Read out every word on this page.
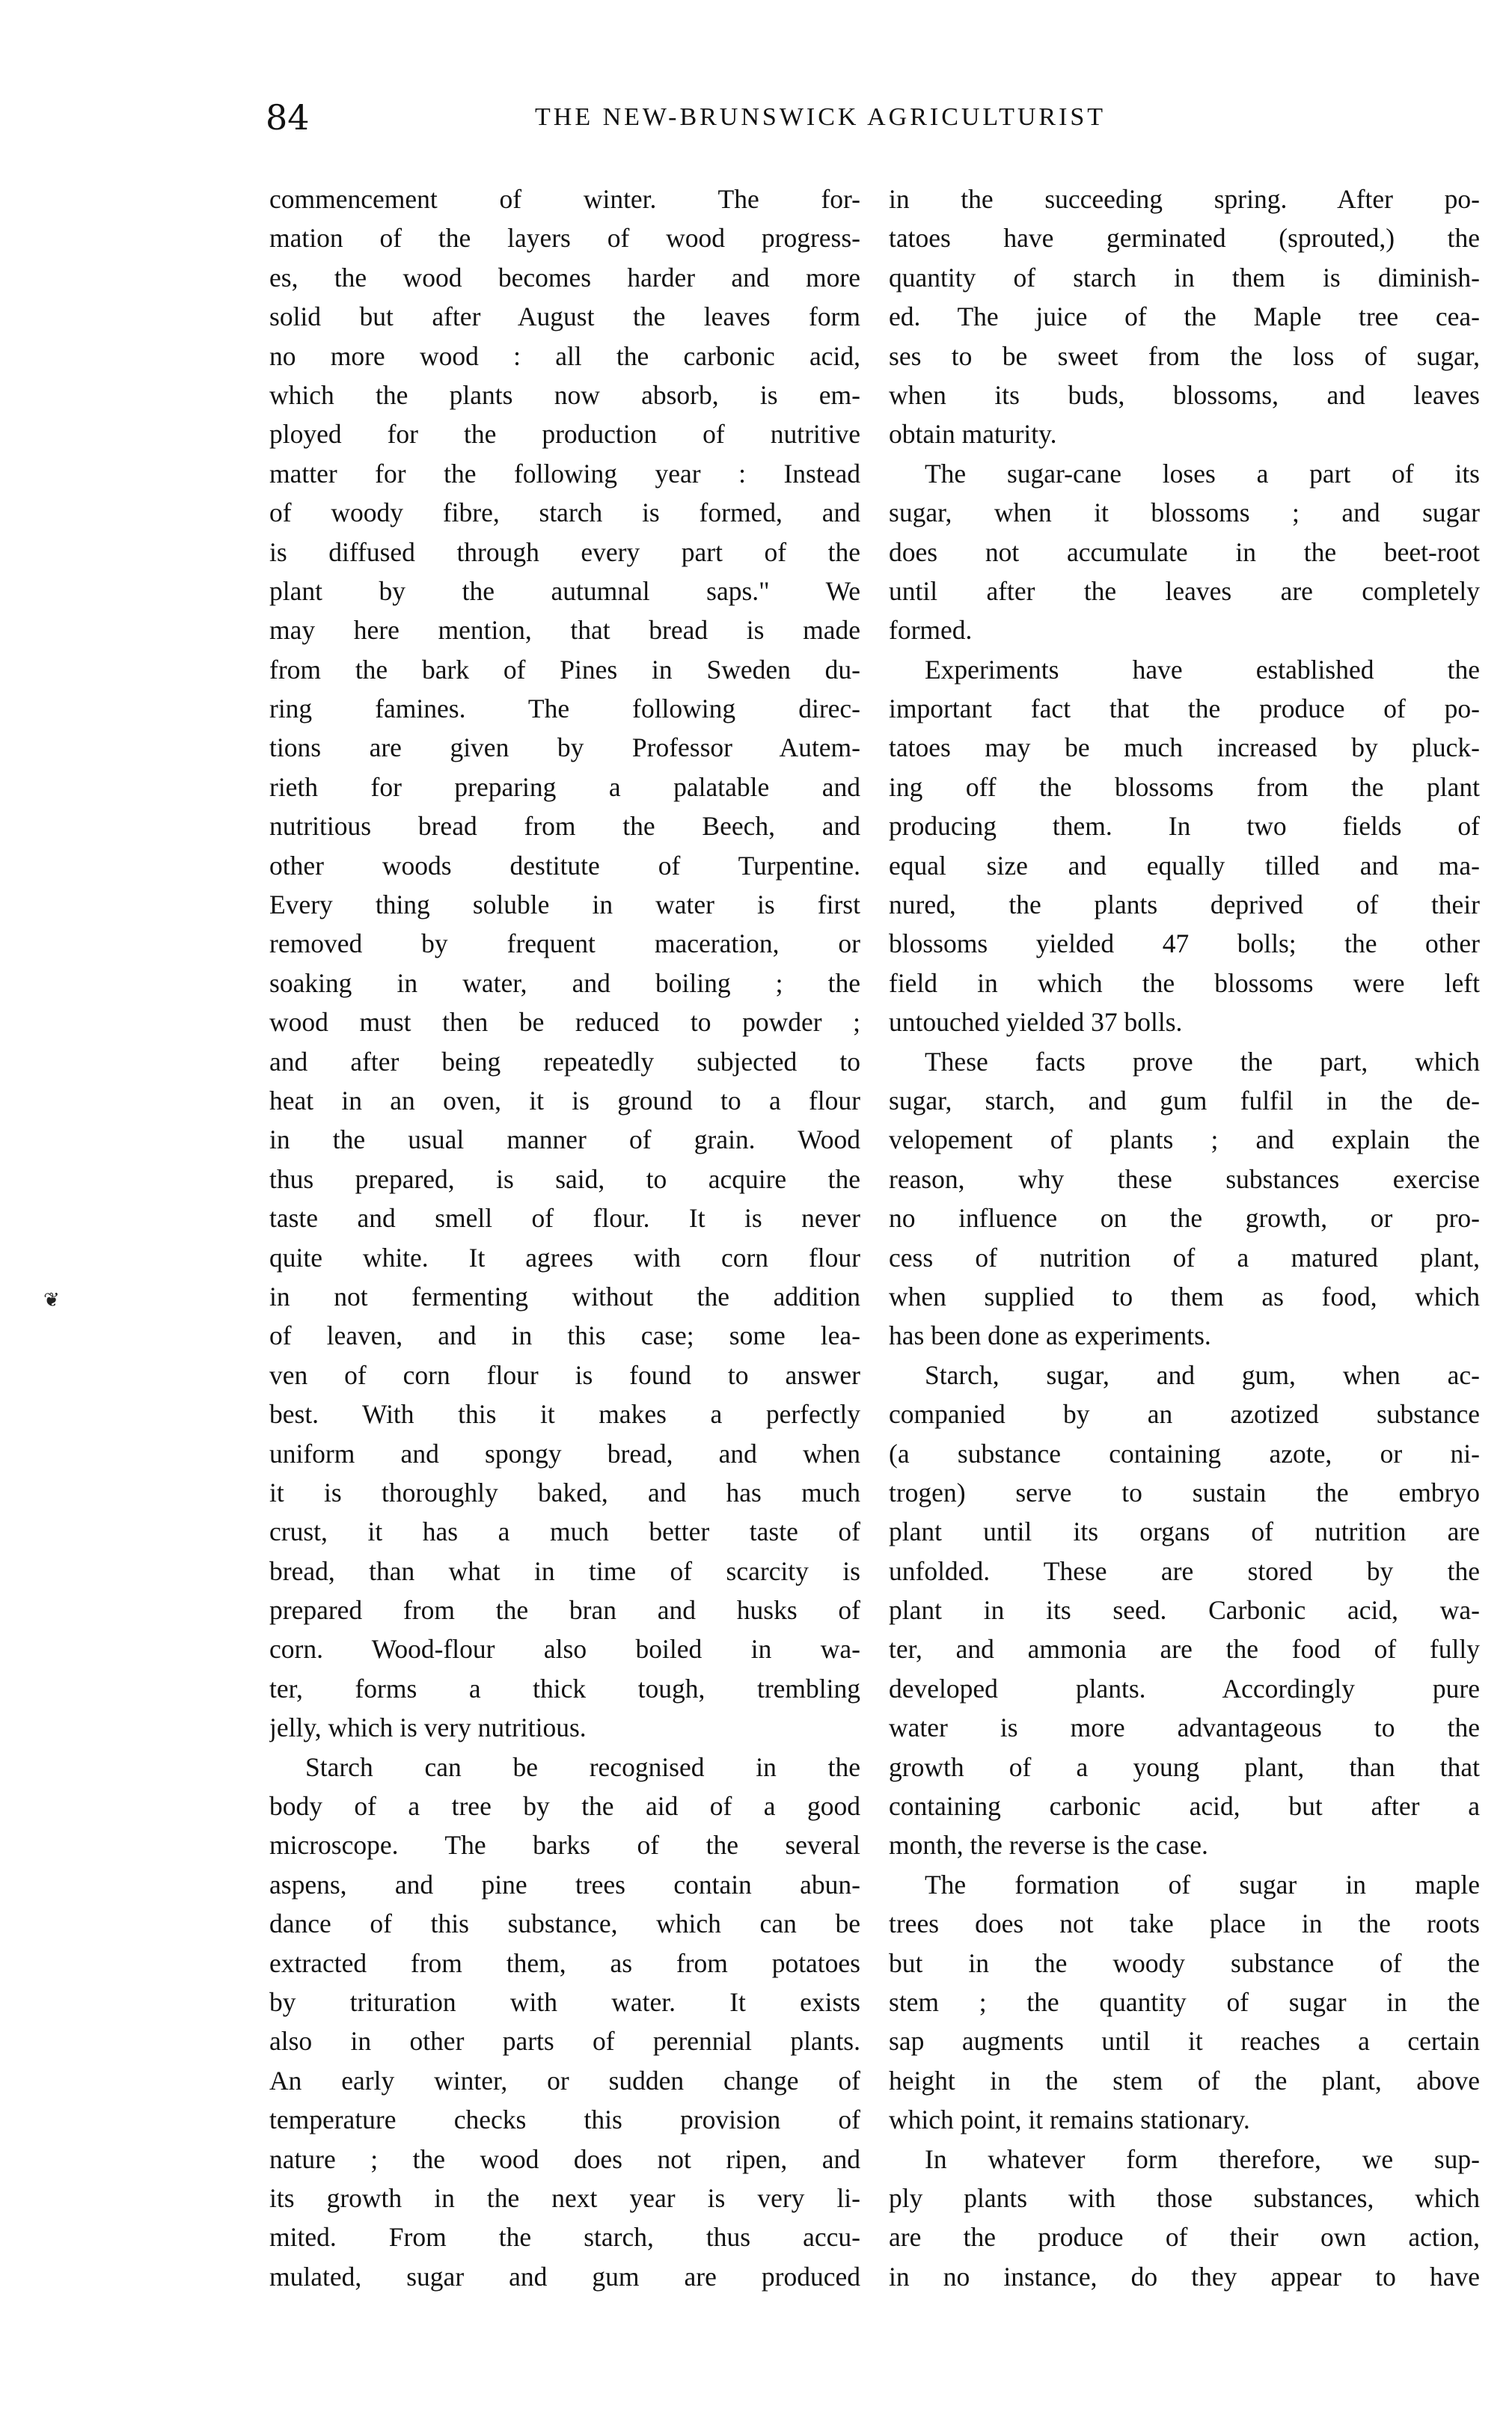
84	THE NEW-BRUNSWICK AGRICULTURIST
❦
commencement of winter. The for-
mation of the layers of wood progress-
es, the wood becomes harder and more
solid but after August the leaves form
no more wood : all the carbonic acid,
which the plants now absorb, is em-
ployed for the production of nutritive
matter for the following year : Instead
of woody fibre, starch is formed, and
is diffused through every part of the
plant by the autumnal saps." We
may here mention, that bread is made
from the bark of Pines in Sweden du-
ring famines. The following direc-
tions are given by Professor Autem-
rieth for preparing a palatable and
nutritious bread from the Beech, and
other woods destitute of Turpentine.
Every thing soluble in water is first
removed by frequent maceration, or
soaking in water, and boiling ; the
wood must then be reduced to powder ;
and after being repeatedly subjected to
heat in an oven, it is ground to a flour
in the usual manner of grain. Wood
thus prepared, is said, to acquire the
taste and smell of flour. It is never
quite white. It agrees with corn flour
in not fermenting without the addition
of leaven, and in this case; some lea-
ven of corn flour is found to answer
best. With this it makes a perfectly
uniform and spongy bread, and when
it is thoroughly baked, and has much
crust, it has a much better taste of
bread, than what in time of scarcity is
prepared from the bran and husks of
corn. Wood-flour also boiled in wa-
ter, forms a thick tough, trembling
jelly, which is very nutritious.
Starch can be recognised in the
body of a tree by the aid of a good
microscope. The barks of the several
aspens, and pine trees contain abun-
dance of this substance, which can be
extracted from them, as from potatoes
by trituration with water. It exists
also in other parts of perennial plants.
An early winter, or sudden change of
temperature checks this provision of
nature ; the wood does not ripen, and
its growth in the next year is very li-
mited. From the starch, thus accu-
mulated, sugar and gum are produced
in the succeeding spring. After po-
tatoes have germinated (sprouted,) the
quantity of starch in them is diminish-
ed. The juice of the Maple tree cea-
ses to be sweet from the loss of sugar,
when its buds, blossoms, and leaves
obtain maturity.
The sugar-cane loses a part of its
sugar, when it blossoms ; and sugar
does not accumulate in the beet-root
until after the leaves are completely
formed.
Experiments have established the
important fact that the produce of po-
tatoes may be much increased by pluck-
ing off the blossoms from the plant
producing them. In two fields of
equal size and equally tilled and ma-
nured, the plants deprived of their
blossoms yielded 47 bolls; the other
field in which the blossoms were left
untouched yielded 37 bolls.
These facts prove the part, which
sugar, starch, and gum fulfil in the de-
velopement of plants ; and explain the
reason, why these substances exercise
no influence on the growth, or pro-
cess of nutrition of a matured plant,
when supplied to them as food, which
has been done as experiments.
Starch, sugar, and gum, when ac-
companied by an azotized substance
(a substance containing azote, or ni-
trogen) serve to sustain the embryo
plant until its organs of nutrition are
unfolded. These are stored by the
plant in its seed. Carbonic acid, wa-
ter, and ammonia are the food of fully
developed plants. Accordingly pure
water is more advantageous to the
growth of a young plant, than that
containing carbonic acid, but after a
month, the reverse is the case.
The formation of sugar in maple
trees does not take place in the roots
but in the woody substance of the
stem ; the quantity of sugar in the
sap augments until it reaches a certain
height in the stem of the plant, above
which point, it remains stationary.
In whatever form therefore, we sup-
ply plants with those substances, which
are the produce of their own action,
in no instance, do they appear to have
